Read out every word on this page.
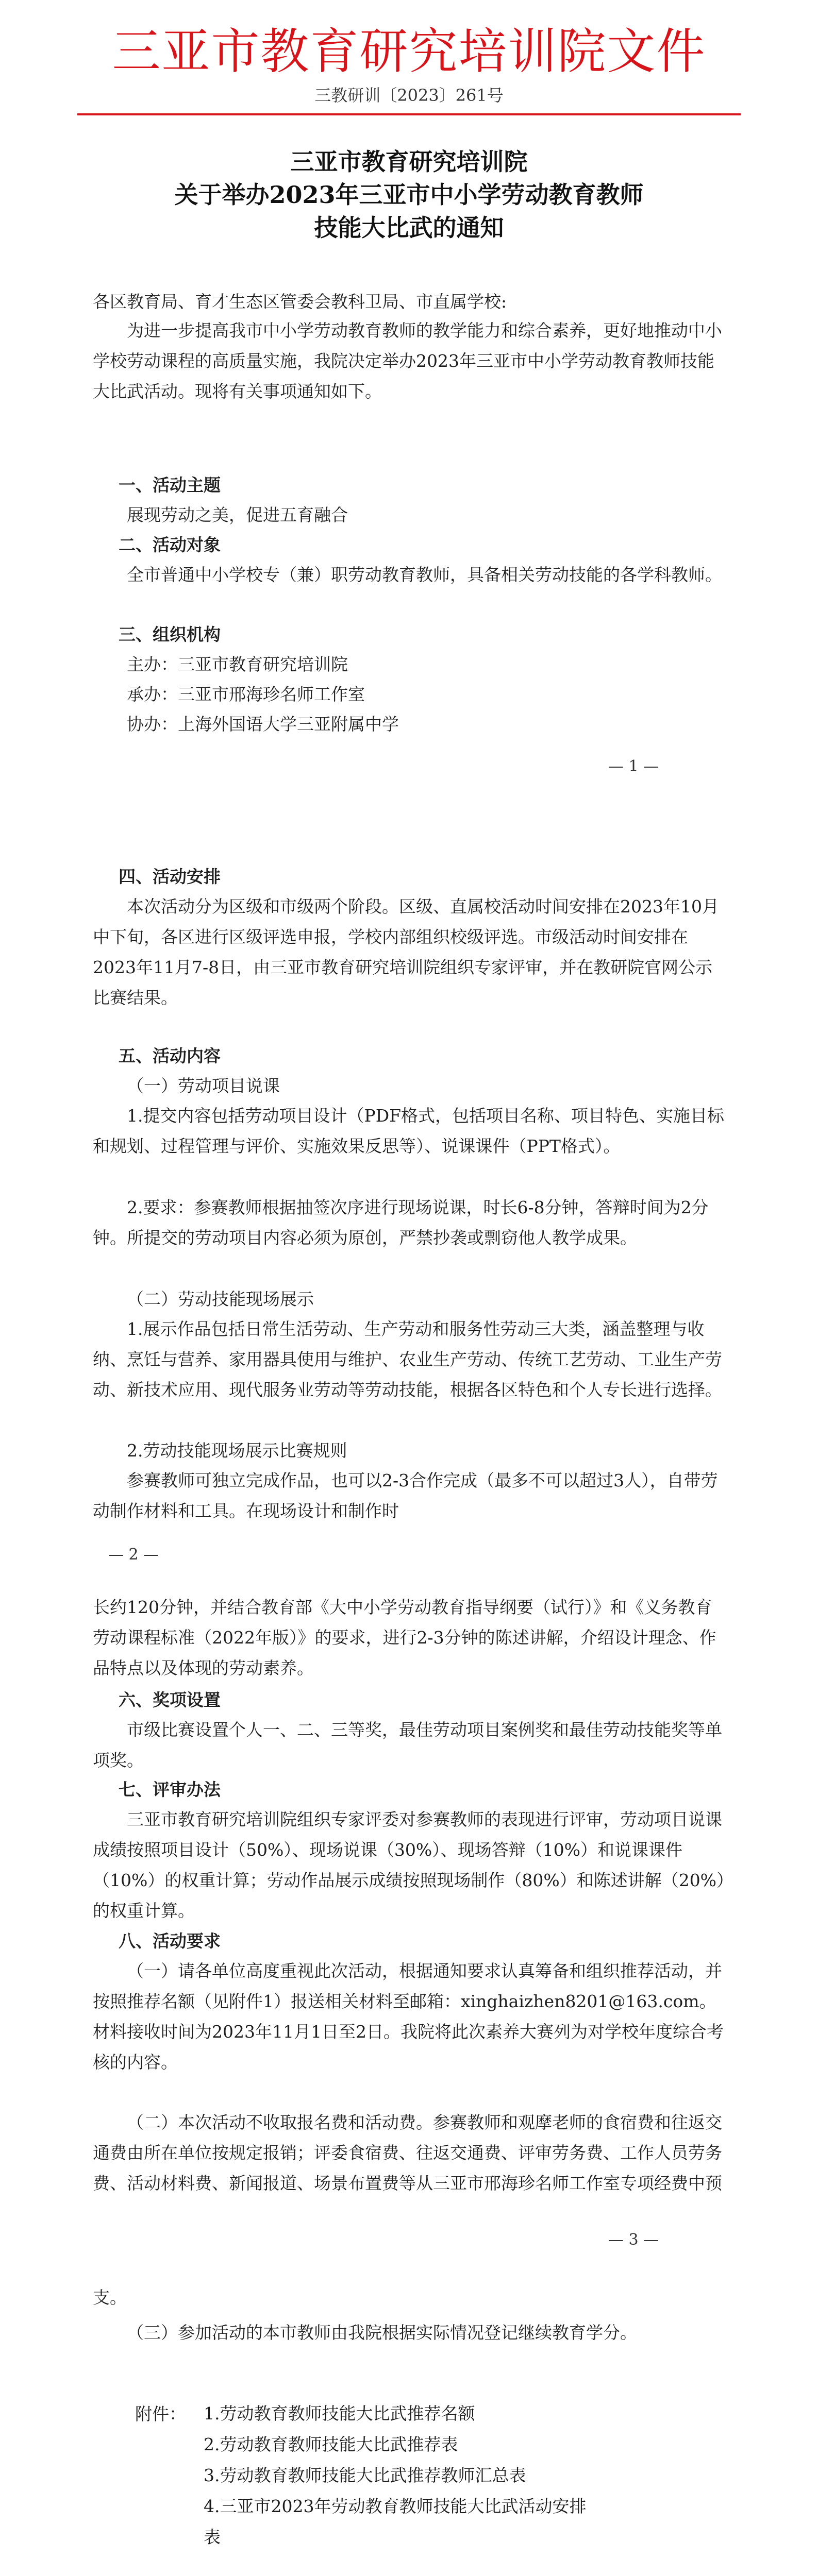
三亚市教育研究培训院文件
三教研训〔2023〕261号
三亚市教育研究培训院
关于举办2023年三亚市中小学劳动教育教师
技能大比武的通知
各区教育局、育才生态区管委会教科卫局、市直属学校:
为进一步提高我市中小学劳动教育教师的教学能力和综合素养，更好地推动中小学校劳动课程的高质量实施，我院决定举办2023年三亚市中小学劳动教育教师技能大比武活动。现将有关事项通知如下。
一、活动主题
展现劳动之美，促进五育融合
二、活动对象
全市普通中小学校专（兼）职劳动教育教师，具备相关劳动技能的各学科教师。
三、组织机构
主办：三亚市教育研究培训院
承办：三亚市邢海珍名师工作室
协办：上海外国语大学三亚附属中学
— 1 —
四、活动安排
本次活动分为区级和市级两个阶段。区级、直属校活动时间安排在2023年10月中下旬，各区进行区级评选申报，学校内部组织校级评选。市级活动时间安排在2023年11月7-8日，由三亚市教育研究培训院组织专家评审，并在教研院官网公示比赛结果。
五、活动内容
（一）劳动项目说课
1.提交内容包括劳动项目设计（PDF格式，包括项目名称、项目特色、实施目标和规划、过程管理与评价、实施效果反思等）、说课课件（PPT格式）。
2.要求：参赛教师根据抽签次序进行现场说课，时长6-8分钟，答辩时间为2分钟。所提交的劳动项目内容必须为原创，严禁抄袭或剽窃他人教学成果。
（二）劳动技能现场展示
1.展示作品包括日常生活劳动、生产劳动和服务性劳动三大类，涵盖整理与收纳、烹饪与营养、家用器具使用与维护、农业生产劳动、传统工艺劳动、工业生产劳动、新技术应用、现代服务业劳动等劳动技能，根据各区特色和个人专长进行选择。
2.劳动技能现场展示比赛规则
参赛教师可独立完成作品，也可以2-3合作完成（最多不可以超过3人），自带劳动制作材料和工具。在现场设计和制作时
— 2 —
长约120分钟，并结合教育部《大中小学劳动教育指导纲要（试行）》和《义务教育劳动课程标准（2022年版）》的要求，进行2-3分钟的陈述讲解，介绍设计理念、作品特点以及体现的劳动素养。
六、奖项设置
市级比赛设置个人一、二、三等奖，最佳劳动项目案例奖和最佳劳动技能奖等单项奖。
七、评审办法
三亚市教育研究培训院组织专家评委对参赛教师的表现进行评审，劳动项目说课成绩按照项目设计（50%）、现场说课（30%）、现场答辩（10%）和说课课件（10%）的权重计算；劳动作品展示成绩按照现场制作（80%）和陈述讲解（20%）的权重计算。
八、活动要求
（一）请各单位高度重视此次活动，根据通知要求认真筹备和组织推荐活动，并按照推荐名额（见附件1）报送相关材料至邮箱：xinghaizhen8201@163.com。材料接收时间为2023年11月1日至2日。我院将此次素养大赛列为对学校年度综合考核的内容。
（二）本次活动不收取报名费和活动费。参赛教师和观摩老师的食宿费和往返交通费由所在单位按规定报销；评委食宿费、往返交通费、评审劳务费、工作人员劳务费、活动材料费、新闻报道、场景布置费等从三亚市邢海珍名师工作室专项经费中预
— 3 —
支。
（三）参加活动的本市教师由我院根据实际情况登记继续教育学分。
附件：	1.劳动教育教师技能大比武推荐名额
2.劳动教育教师技能大比武推荐表
3.劳动教育教师技能大比武推荐教师汇总表
4.三亚市2023年劳动教育教师技能大比武活动安排
表
